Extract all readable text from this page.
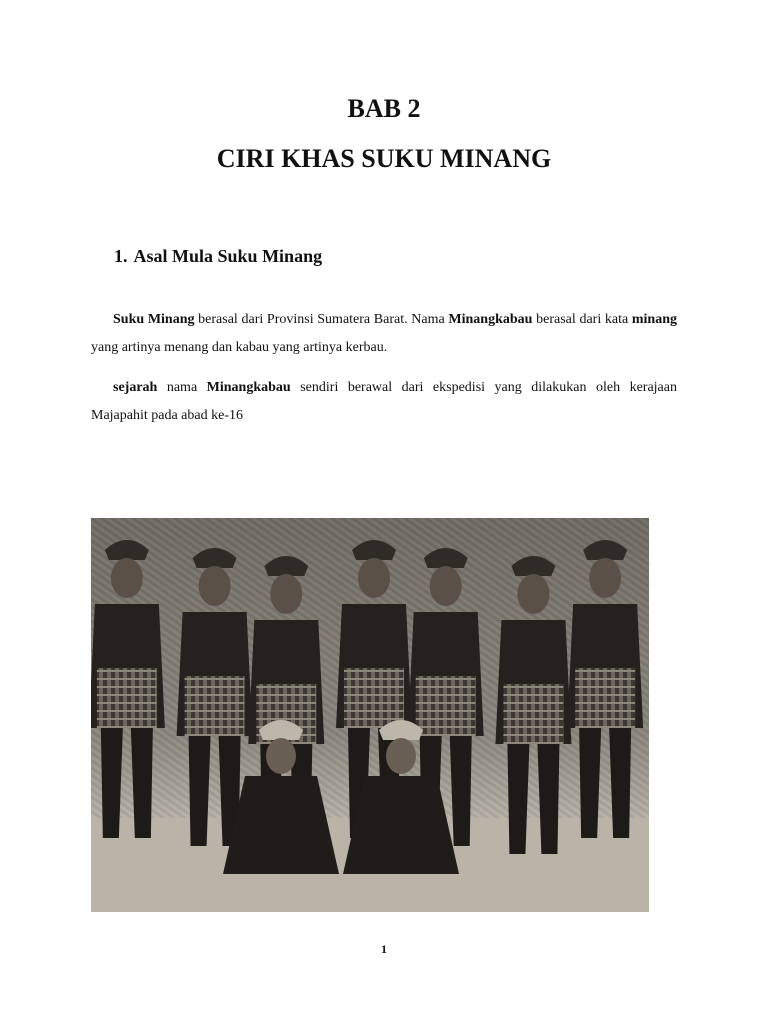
BAB 2
CIRI KHAS SUKU MINANG
1. Asal Mula Suku Minang

Suku Minang berasal dari Provinsi Sumatera Barat. Nama Minangkabau berasal dari kata minang yang artinya menang dan kabau yang artinya kerbau.

sejarah nama Minangkabau sendiri berawal dari ekspedisi yang dilakukan oleh kerajaan Majapahit pada abad ke-16

1
